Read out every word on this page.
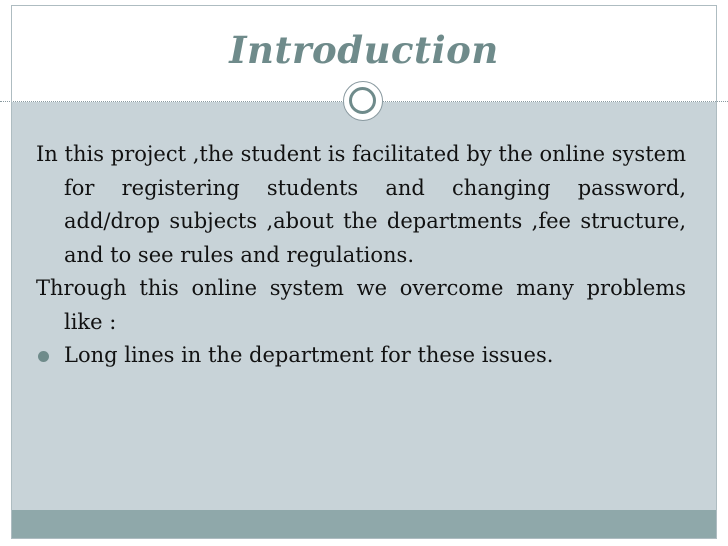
Introduction

In this project ,the student is facilitated by the online system for registering students and changing password, add/drop subjects ,about the departments ,fee structure, and to see rules and regulations.

Through this online system we overcome many problems like :

Long lines in the department for these issues.
